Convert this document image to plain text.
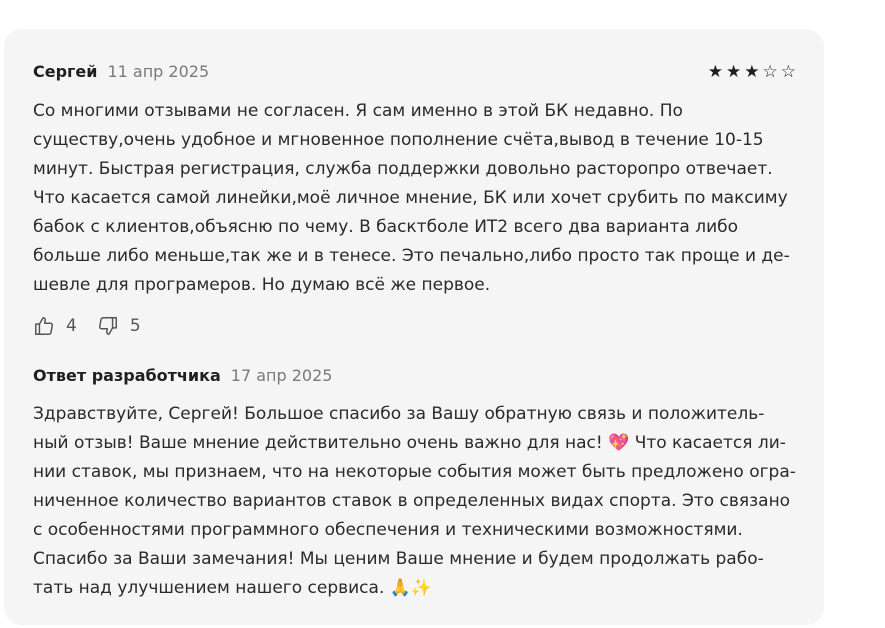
Сергей 11 апр 2025	★ ★ ★ ☆ ☆

Со многими отзывами не согласен. Я сам именно в этой БК недавно. По
существу,очень удобное и мгновенное пополнение счёта,вывод в течение 10-15
минут. Быстрая регистрация, служба поддержки довольно расторопро отвечает.
Что касается самой линейки,моё личное мнение, БК или хочет срубить по максиму
бабок с клиентов,объясню по чему. В басктболе ИТ2 всего два варианта либо
больше либо меньше,так же и в тенесе. Это печально,либо просто так проще и де-
шевле для програмеров. Но думаю всё же первое.

4	5
Ответ разработчика 17 апр 2025

Здравствуйте, Сергей! Большое спасибо за Вашу обратную связь и положитель-
ный отзыв! Ваше мнение действительно очень важно для нас! 💖 Что касается ли-
нии ставок, мы признаем, что на некоторые события может быть предложено огра-
ниченное количество вариантов ставок в определенных видах спорта. Это связано
с особенностями программного обеспечения и техническими возможностями.
Спасибо за Ваши замечания! Мы ценим Ваше мнение и будем продолжать рабо-
тать над улучшением нашего сервиса. 🙏✨
